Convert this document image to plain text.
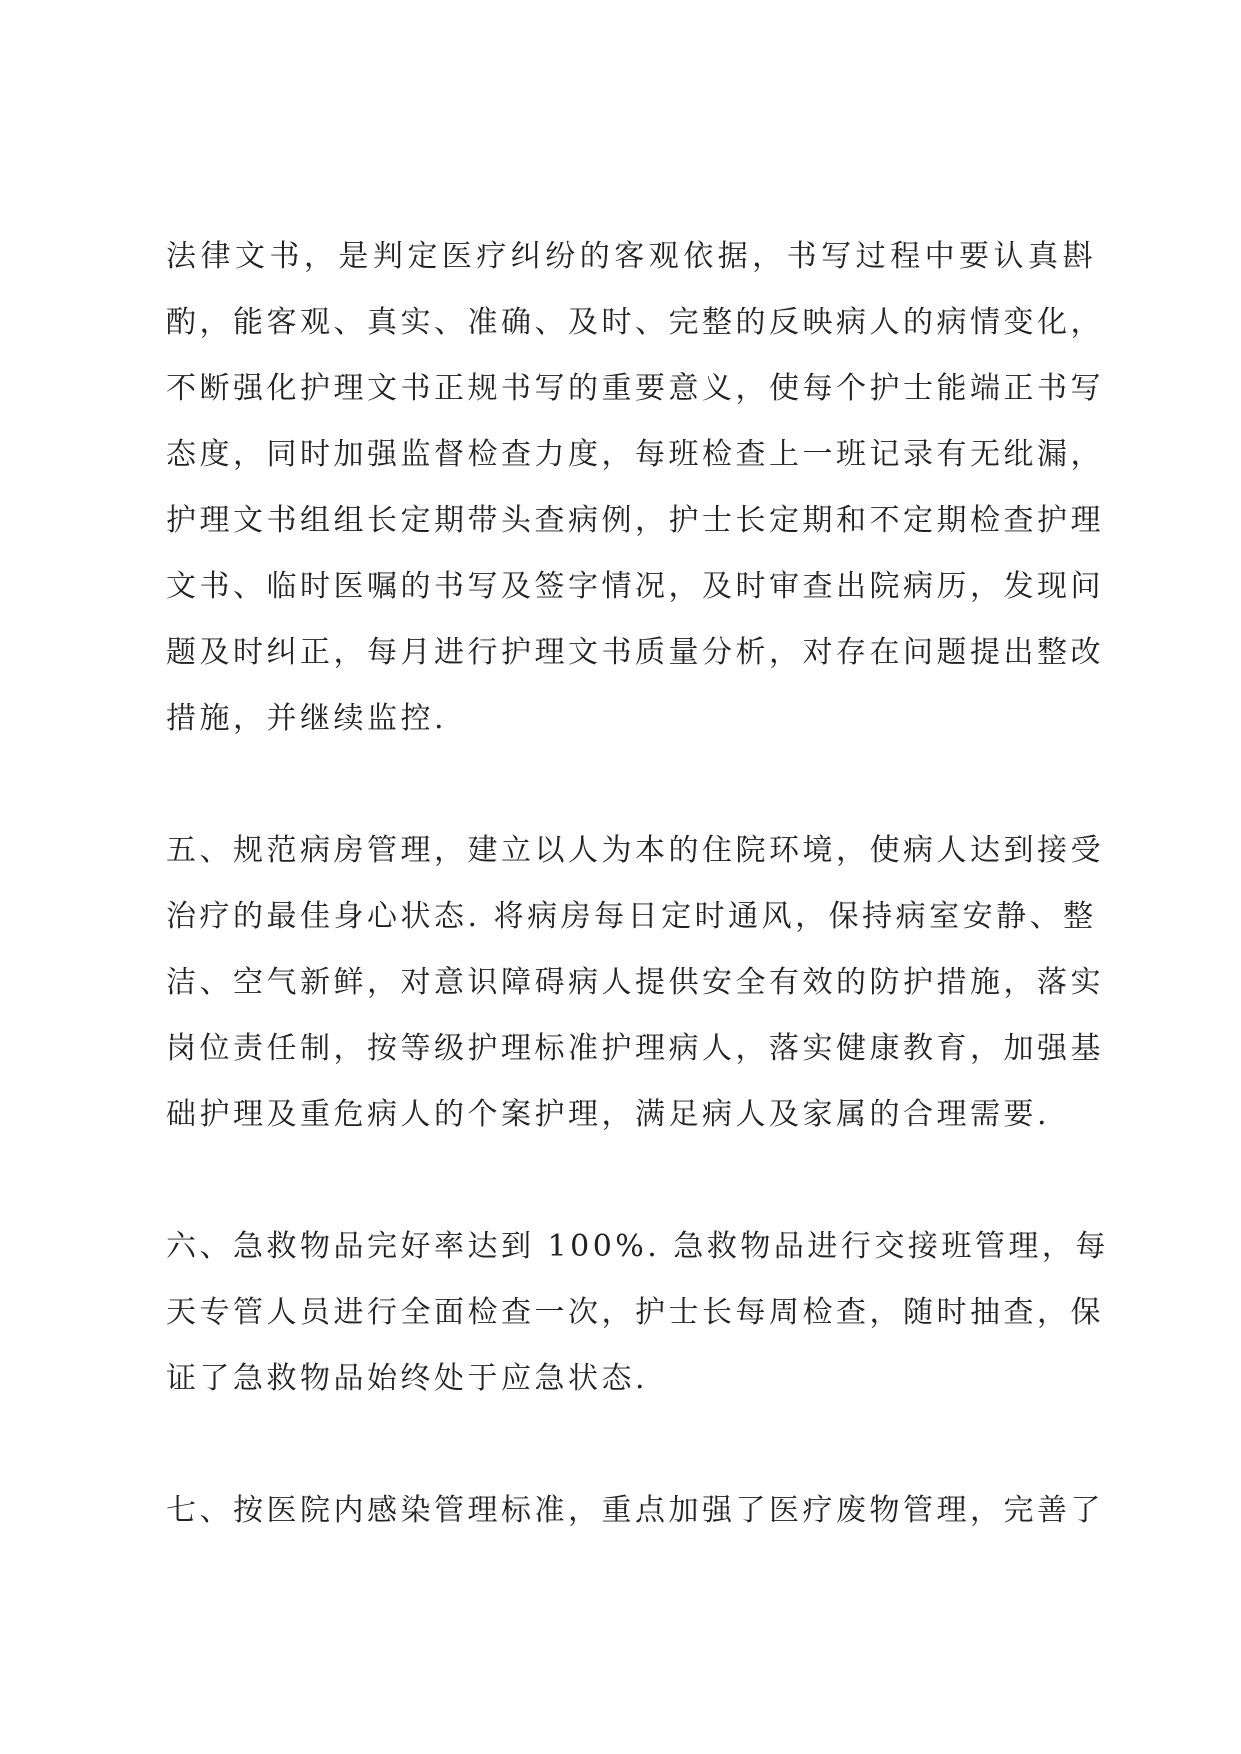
法律文书，是判定医疗纠纷的客观依据，书写过程中要认真斟
酌，能客观、真实、准确、及时、完整的反映病人的病情变化，
不断强化护理文书正规书写的重要意义，使每个护士能端正书写
态度，同时加强监督检查力度，每班检查上一班记录有无纰漏，
护理文书组组长定期带头查病例，护士长定期和不定期检查护理
文书、临时医嘱的书写及签字情况，及时审查出院病历，发现问
题及时纠正，每月进行护理文书质量分析，对存在问题提出整改
措施，并继续监控.
五、规范病房管理，建立以人为本的住院环境，使病人达到接受
治疗的最佳身心状态. 将病房每日定时通风，保持病室安静、整
洁、空气新鲜，对意识障碍病人提供安全有效的防护措施，落实
岗位责任制，按等级护理标准护理病人，落实健康教育，加强基
础护理及重危病人的个案护理，满足病人及家属的合理需要.
六、急救物品完好率达到 100%. 急救物品进行交接班管理，每
天专管人员进行全面检查一次，护士长每周检查，随时抽查，保
证了急救物品始终处于应急状态.
七、按医院内感染管理标准，重点加强了医疗废物管理，完善了
